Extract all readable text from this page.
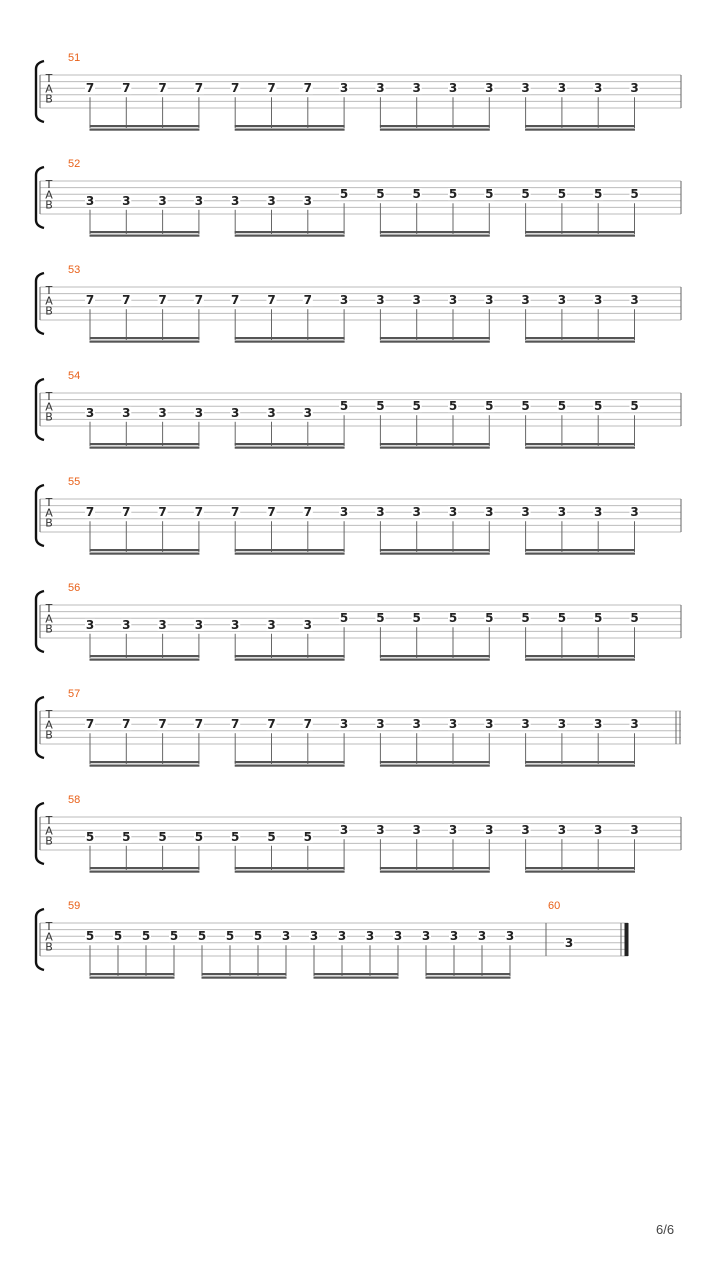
T
A
B
51
7 7 7 7 7 7 7 3 3 3 3 3 3 3 3 3
T
A
B
52
3 3 3 3 3 3 3 5 5 5 5 5 5 5 5 5
T
A
B
53
7 7 7 7 7 7 7 3 3 3 3 3 3 3 3 3
T
A
B
54
3 3 3 3 3 3 3 5 5 5 5 5 5 5 5 5
T
A
B
55
7 7 7 7 7 7 7 3 3 3 3 3 3 3 3 3
T
A
B
56
3 3 3 3 3 3 3 5 5 5 5 5 5 5 5 5
T
A
B
57
7 7 7 7 7 7 7 3 3 3 3 3 3 3 3 3
T
A
B
58
5 5 5 5 5 5 5 3 3 3 3 3 3 3 3 3
T
A
B
59
5 5 5 5 5 5 5 3 3 3 3 3 3 3 3 3
60
3
6/6
